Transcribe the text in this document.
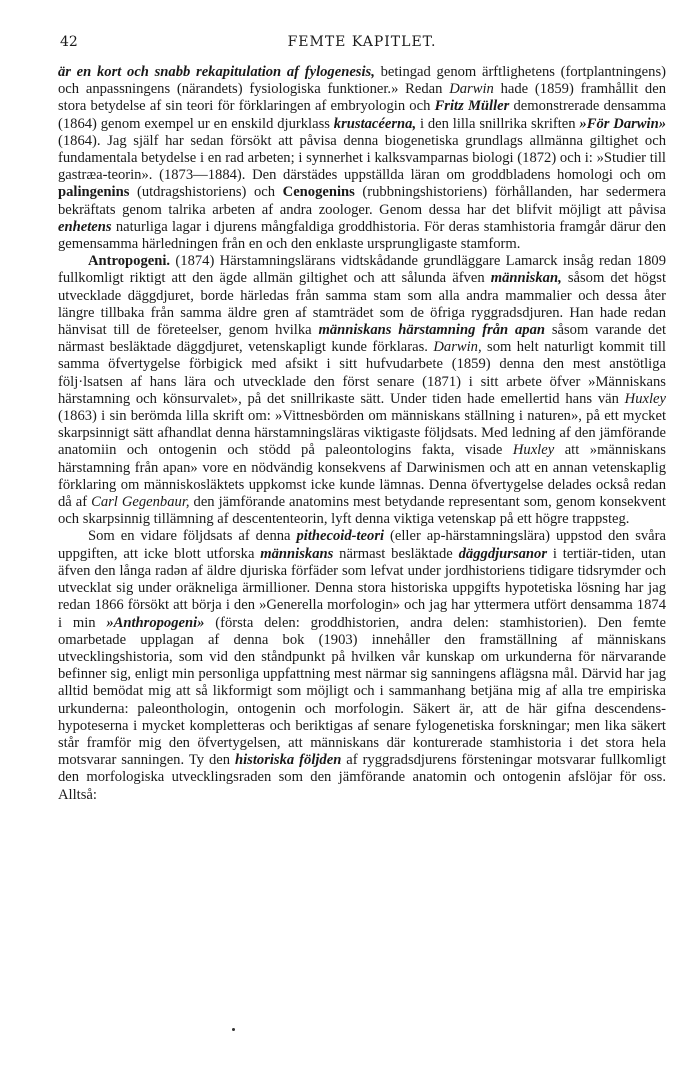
42	FEMTE KAPITLET.

är en kort och snabb rekapitulation af fylogenesis, betingad genom ärftlighetens (fortplantningens) och anpassningens (närandets) fysiologiska funktioner.» Redan Darwin hade (1859) framhållit den stora betydelse af sin teori för förklaringen af embryologin och Fritz Müller demonstrerade densamma (1864) genom exempel ur en enskild djurklass krustacéerna, i den lilla snillrika skriften »För Darwin» (1864). Jag själf har sedan försökt att påvisa denna biogenetiska grundlags allmänna giltighet och fundamentala betydelse i en rad arbeten; i synnerhet i kalksvamparnas biologi (1872) och i: »Studier till gastræa-teorin». (1873—1884). Den därstädes uppställda läran om groddbladens homologi och om palingenins (utdragshistoriens) och Cenogenins (rubbningshistoriens) förhållanden, har sedermera bekräftats genom talrika arbeten af andra zoologer. Genom dessa har det blifvit möjligt att påvisa enhetens naturliga lagar i djurens mångfaldiga groddhistoria. För deras stamhistoria framgår därur den gemensamma härledningen från en och den enklaste ursprungligaste stamform.

Antropogeni. (1874) Härstamningslärans vidtskådande grundläggare Lamarck insåg redan 1809 fullkomligt riktigt att den ägde allmän giltighet och att sålunda äfven människan, såsom det högst utvecklade däggdjuret, borde härledas från samma stam som alla andra mammalier och dessa åter längre tillbaka från samma äldre gren af stamträdet som de öfriga ryggradsdjuren. Han hade redan hänvisat till de företeelser, genom hvilka människans härstamning från apan såsom varande det närmast besläktade däggdjuret, vetenskapligt kunde förklaras. Darwin, som helt naturligt kommit till samma öfvertygelse förbigick med afsikt i sitt hufvudarbete (1859) denna den mest anstötliga följ·lsatsen af hans lära och utvecklade den först senare (1871) i sitt arbete öfver »Människans härstamning och könsurvalet», på det snillrikaste sätt. Under tiden hade emellertid hans vän Huxley (1863) i sin berömda lilla skrift om: »Vittnesbörden om människans ställning i naturen», på ett mycket skarpsinnigt sätt afhandlat denna härstamningsläras viktigaste följdsats. Med ledning af den jämförande anatomiin och ontogenin och stödd på paleontologins fakta, visade Huxley att »människans härstamning från apan» vore en nödvändig konsekvens af Darwinismen och att en annan vetenskaplig förklaring om människosläktets uppkomst icke kunde lämnas. Denna öfvertygelse delades också redan då af Carl Gegenbaur, den jämförande anatomins mest betydande representant som, genom konsekvent och skarpsinnig tillämning af descententeorin, lyft denna viktiga vetenskap på ett högre trappsteg.

Som en vidare följdsats af denna pithecoid-teori (eller ap-härstamningslära) uppstod den svåra uppgiften, att icke blott utforska människans närmast besläktade däggdjursanor i tertiär-tiden, utan äfven den långa radən af äldre djuriska förfäder som lefvat under jordhistoriens tidigare tidsrymder och utvecklat sig under oräkneliga ärmillioner. Denna stora historiska uppgifts hypotetiska lösning har jag redan 1866 försökt att börja i den »Generella morfologin» och jag har yttermera utfört densamma 1874 i min »Anthropogeni» (första delen: groddhistorien, andra delen: stamhistorien). Den femte omarbetade upplagan af denna bok (1903) innehåller den framställning af människans utvecklingshistoria, som vid den ståndpunkt på hvilken vår kunskap om urkunderna för närvarande befinner sig, enligt min personliga uppfattning mest närmar sig sanningens aflägsna mål. Därvid har jag alltid bemödat mig att så likformigt som möjligt och i sammanhang betjäna mig af alla tre empiriska urkunderna: paleonthologin, ontogenin och morfologin. Säkert är, att de här gifna descendens-hypoteserna i mycket kompletteras och beriktigas af senare fylogenetiska forskningar; men lika säkert står framför mig den öfvertygelsen, att människans där konturerade stamhistoria i det stora hela motsvarar sanningen. Ty den historiska följden af ryggradsdjurens förstеningar motsvarar fullkomligt den morfologiska utvecklingsraden som den jämförande anatomin och ontogenin afslöjar för oss. Alltså:
